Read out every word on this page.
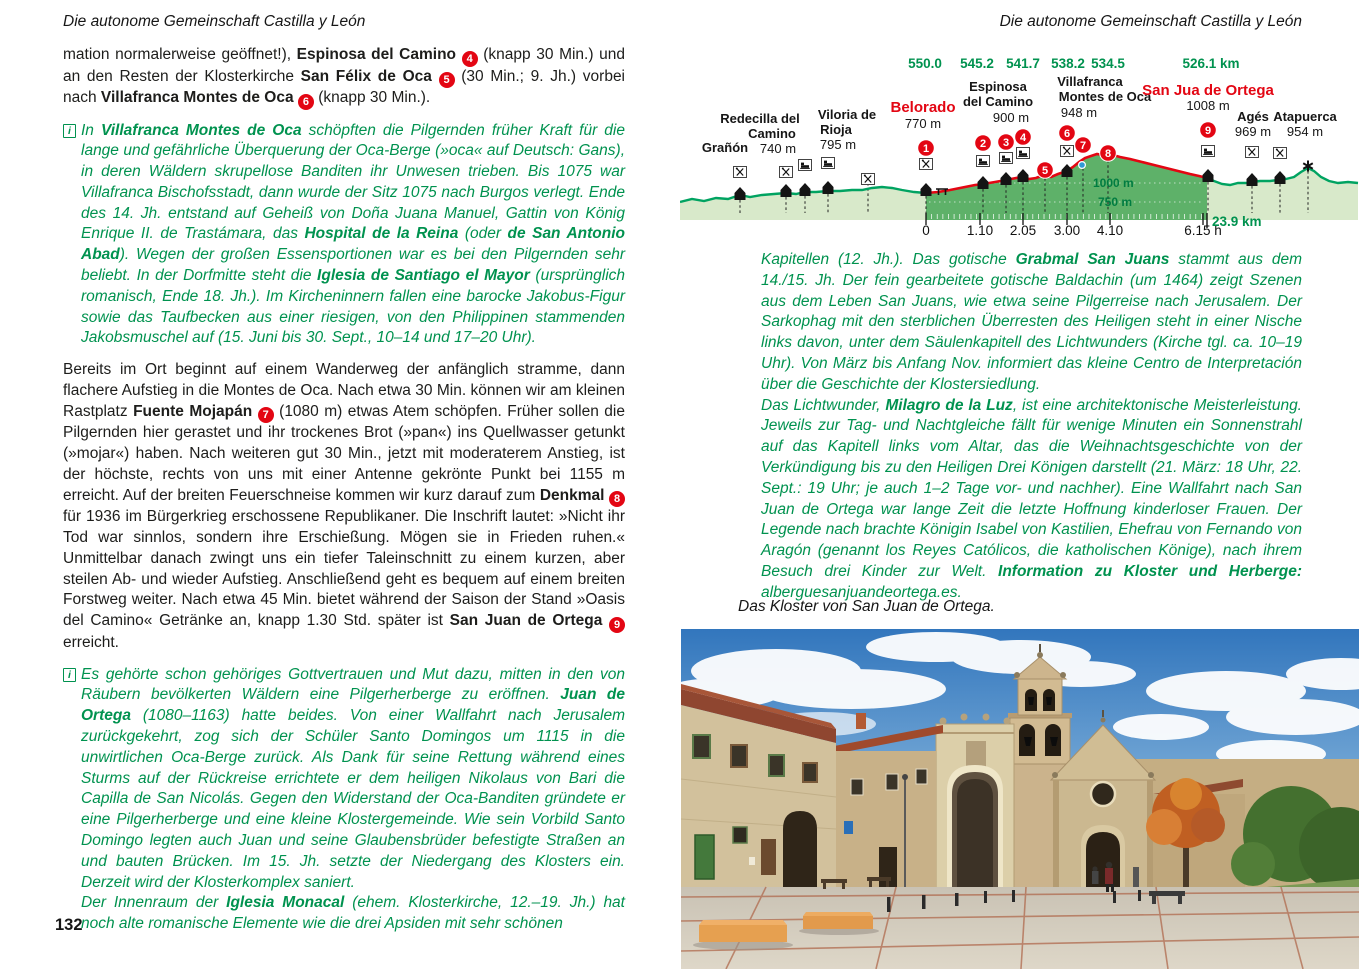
Die autonome Gemeinschaft Castilla y León	Die autonome Gemeinschaft Castilla y León

mation normalerweise geöffnet!), Espinosa del Camino 4 (knapp 30 Min.) und an den Resten der Klosterkirche San Félix de Oca 5 (30 Min.; 9. Jh.) vorbei nach Villafranca Montes de Oca 6 (knapp 30 Min.).

i In Villafranca Montes de Oca schöpften die Pilgernden früher Kraft für die lange und gefährliche Überquerung der Oca-Berge (»oca« auf Deutsch: Gans), in deren Wäldern skrupellose Banditen ihr Unwesen trieben. Bis 1075 war Villafranca Bischofsstadt, dann wurde der Sitz 1075 nach Burgos verlegt. Ende des 14. Jh. entstand auf Geheiß von Doña Juana Manuel, Gattin von König Enrique II. de Trastámara, das Hospital de la Reina (oder de San Antonio Abad). Wegen der großen Essensportionen war es bei den Pilgernden sehr beliebt. In der Dorfmitte steht die Iglesia de Santiago el Mayor (ursprünglich romanisch, Ende 18. Jh.). Im Kircheninnern fallen eine barocke Jakobus-Figur sowie das Taufbecken aus einer riesigen, von den Philippinen stammenden Jakobsmuschel auf (15. Juni bis 30. Sept., 10–14 und 17–20 Uhr).

Bereits im Ort beginnt auf einem Wanderweg der anfänglich stramme, dann flachere Aufstieg in die Montes de Oca. Nach etwa 30 Min. können wir am kleinen Rastplatz Fuente Mojapán 7 (1080 m) etwas Atem schöpfen. Früher sollen die Pilgernden hier gerastet und ihr trockenes Brot (»pan«) ins Quellwasser getunkt (»mojar«) haben. Nach weiteren gut 30 Min., jetzt mit moderaterem Anstieg, ist der höchste, rechts von uns mit einer Antenne gekrönte Punkt bei 1155 m erreicht. Auf der breiten Feuerschneise kommen wir kurz darauf zum Denkmal 8 für 1936 im Bürgerkrieg erschossene Republikaner. Die Inschrift lautet: »Nicht ihr Tod war sinnlos, sondern ihre Erschießung. Mögen sie in Frieden ruhen.« Unmittelbar danach zwingt uns ein tiefer Taleinschnitt zu einem kurzen, aber steilen Ab- und wieder Aufstieg. Anschließend geht es bequem auf einem breiten Forstweg weiter. Nach etwa 45 Min. bietet während der Saison der Stand »Oasis del Camino« Getränke an, knapp 1.30 Std. später ist San Juan de Ortega 9 erreicht.

i Es gehörte schon gehöriges Gottvertrauen und Mut dazu, mitten in den von Räubern bevölkerten Wäldern eine Pilgerherberge zu eröffnen. Juan de Ortega (1080–1163) hatte beides. Von einer Wallfahrt nach Jerusalem zurückgekehrt, zog sich der Schüler Santo Domingos um 1115 in die unwirtlichen Oca-Berge zurück. Als Dank für seine Rettung während eines Sturms auf der Rückreise errichtete er dem heiligen Nikolaus von Bari die Capilla de San Nicolás. Gegen den Widerstand der Oca-Banditen gründete er eine Pilgerherberge und eine kleine Klostergemeinde. Wie sein Vorbild Santo Domingo legten auch Juan und seine Glaubensbrüder befestigte Straßen an und bauten Brücken. Im 15. Jh. setzte der Niedergang des Klosters ein. Derzeit wird der Klosterkomplex saniert.
Der Innenraum der Iglesia Monacal (ehem. Klosterkirche, 12.–19. Jh.) hat noch alte romanische Elemente wie die drei Apsiden mit sehr schönen

0	1.10 2.05 3.00 4.10	6.15 h
23.9 km
1000 m
750 m
1	2 3 4
5
6
7
8
9
550.0 545.2 541.7 538.2 534.5	526.1 km
Grañón
Redecilla del
Camino
740 m
Viloria de
Rioja
795 m
Belorado
770 m
Espinosa
del Camino
900 m
Villafranca
Montes de Oca
948 m
San Jua de Ortega
1008 m
Agés
969 m
Atapuerca
954 m

Kapitellen (12. Jh.). Das gotische Grabmal San Juans stammt aus dem 14./15. Jh. Der fein gearbeitete gotische Baldachin (um 1464) zeigt Szenen aus dem Leben San Juans, wie etwa seine Pilgerreise nach Jerusalem. Der Sarkophag mit den sterblichen Überresten des Heiligen steht in einer Nische links davon, unter dem Säulenkapitell des Lichtwunders (Kirche tgl. ca. 10–19 Uhr). Von März bis Anfang Nov. informiert das kleine Centro de Interpretación über die Geschichte der Klostersiedlung.

Das Lichtwunder, Milagro de la Luz, ist eine architektonische Meisterleistung. Jeweils zur Tag- und Nachtgleiche fällt für wenige Minuten ein Sonnenstrahl auf das Kapitell links vom Altar, das die Weihnachtsgeschichte von der Verkündigung bis zu den Heiligen Drei Königen darstellt (21. März: 18 Uhr, 22. Sept.: 19 Uhr; je auch 1–2 Tage vor- und nachher). Eine Wallfahrt nach San Juan de Ortega war lange Zeit die letzte Hoffnung kinderloser Frauen. Der Legende nach brachte Königin Isabel von Kastilien, Ehefrau von Fernando von Aragón (genannt los Reyes Católicos, die katholischen Könige), nach ihrem Besuch drei Kinder zur Welt. Information zu Kloster und Herberge: alberguesanjuandeortega.es.

Das Kloster von San Juan de Ortega.
132
